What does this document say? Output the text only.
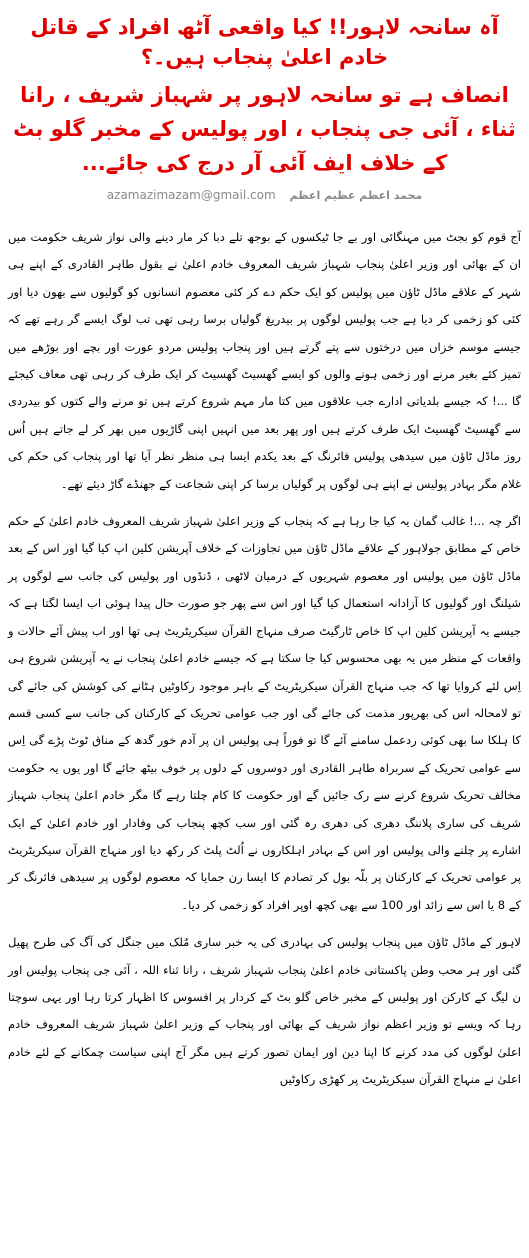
آہ سانحہ لاہور!! کیا واقعی آٹھ افراد کے قاتل خادم اعلیٰ پنجاب ہیں۔؟
انصاف ہے تو سانحہ لاہور پر شہباز شریف ، رانا ثناء ، آئی جی پنجاب ، اور پولیس کے مخبر گلو بٹ کے خلاف ایف آئی آر درج کی جائے...
azamazimazam@gmail.com محمد اعظم عظیم اعظم

آج قوم کو بجٹ میں مہنگائی اور بے جا ٹیکسوں کے بوجھ تلے دبا کر مار دینے والی نواز شریف حکومت میں ان کے بھائی اور وزیر اعلیٰ پنجاب شہباز شریف المعروف خادم اعلیٰ نے بقول طاہر القادری کے اپنے ہی شہر کے علاقے ماڈل ٹاؤن میں پولیس کو ایک حکم دے کر کئی معصوم انسانوں کو گولیوں سے بھون دیا اور کئی کو زخمی کر دیا ہے جب پولیس لوگوں پر بیدریغ گولیاں برسا رہی تھی تب لوگ ایسے گر رہے تھے کہ جیسے موسم خزاں میں درختوں سے پتے گرتے ہیں اور پنجاب پولیس مردو عورت اور بچے اور بوڑھے میں تمیز کئے بغیر مرنے اور زخمی ہونے والوں کو ایسے گھسیٹ گھسیٹ کر ایک طرف کر رہی تھی معاف کیجئے گا ...! کہ جیسے بلدیاتی ادارے جب علاقوں میں کتا مار مہم شروع کرتے ہیں تو مرنے والے کتوں کو بیدردی سے گھسیٹ گھسیٹ ایک طرف کرتے ہیں اور پھر بعد میں انہیں اپنی گاڑیوں میں بھر کر لے جاتے ہیں اُس روز ماڈل ٹاؤن میں سیدھی پولیس فائرنگ کے بعد یکدم ایسا ہی منظر نظر آیا تھا اور پنجاب کی حکم کی غلام مگر بہادر پولیس نے اپنے ہی لوگوں پر گولیاں برسا کر اپنی شجاعت کے جھنڈے گاڑ دیئے تھے۔

اگر چہ ...! غالب گمان یہ کیا جا رہا ہے کہ پنجاب کے وزیر اعلیٰ شہباز شریف المعروف خادم اعلیٰ کے حکم خاص کے مطابق جولاہور کے علاقے ماڈل ٹاؤن میں تجاوزات کے خلاف آپریشن کلین اپ کیا گیا اور اس کے بعد ماڈل ٹاؤن میں پولیس اور معصوم شہریوں کے درمیان لاٹھی ، ڈنڈوں اور پولیس کی جانب سے لوگوں پر شیلنگ اور گولیوں کا آزادانہ استعمال کیا گیا اور اس سے پھر جو صورت حال پیدا ہوئی اب ایسا لگتا ہے کہ جیسے یہ آپریشن کلین اپ کا خاص ٹارگیٹ صرف منہاج القرآن سیکریٹریٹ ہی تھا اور اب پیش آئے حالات و واقعات کے منظر میں یہ بھی محسوس کیا جا سکتا ہے کہ جیسے خادم اعلیٰ پنجاب نے یہ آپریشن شروع ہی اِس لئے کروایا تھا کہ جب منہاج القرآن سیکریٹریٹ کے باہر موجود رکاوٹیں ہٹانے کی کوشش کی جائے گی تو لامحالہ اس کی بھرپور مذمت کی جائے گی اور جب عوامی تحریک کے کارکنان کی جانب سے کسی قسم کا ہلکا سا بھی کوئی ردعمل سامنے آئے گا تو فوراً ہی پولیس ان پر آدم خور گدھ کے مناق ٹوٹ پڑے گی اِس سے عوامی تحریک کے سربراہ طاہر القادری اور دوسروں کے دلوں پر خوف بیٹھ جائے گا اور یوں یہ حکومت مخالف تحریک شروع کرنے سے رک جائیں گے اور حکومت کا کام چلتا رہے گا مگر خادم اعلیٰ پنجاب شہباز شریف کی ساری پلاننگ دھری کی دھری رہ گئی اور سب کچھ پنجاب کی وفادار اور خادم اعلیٰ کے ایک اشارے پر چلنے والی پولیس اور اس کے بہادر اہلکاروں نے اُلٹ پلٹ کر رکھ دیا اور منہاج القرآن سیکریٹریٹ پر عوامی تحریک کے کارکنان پر بلّہ بول کر تصادم کا ایسا رن جمایا کہ معصوم لوگوں پر سیدھی فائرنگ کر کے 8 یا اس سے زائد اور 100 سے بھی کچھ اوپر افراد کو زخمی کر دیا۔

لاہور کے ماڈل ٹاؤن میں پنجاب پولیس کی بہادری کی یہ خبر ساری مُلک میں جنگل کی آگ کی طرح پھیل گئی اور ہر محب وطن پاکستانی خادم اعلیٰ پنجاب شہباز شریف ، رانا ثناء اللہ ، آئی جی پنجاب پولیس اور ن لیگ کے کارکن اور پولیس کے مخبر خاص گلو بٹ کے کردار پر افسوس کا اظہار کرتا رہا اور یہی سوچتا رہا کہ ویسے تو وزیر اعظم نواز شریف کے بھائی اور پنجاب کے وزیر اعلیٰ شہباز شریف المعروف خادم اعلیٰ لوگوں کی مدد کرنے کا اپنا دین اور ایمان تصور کرتے ہیں مگر آج اپنی سیاست چمکانے کے لئے خادم اعلیٰ نے منہاج القرآن سیکریٹریٹ پر کھڑی رکاوٹیں
